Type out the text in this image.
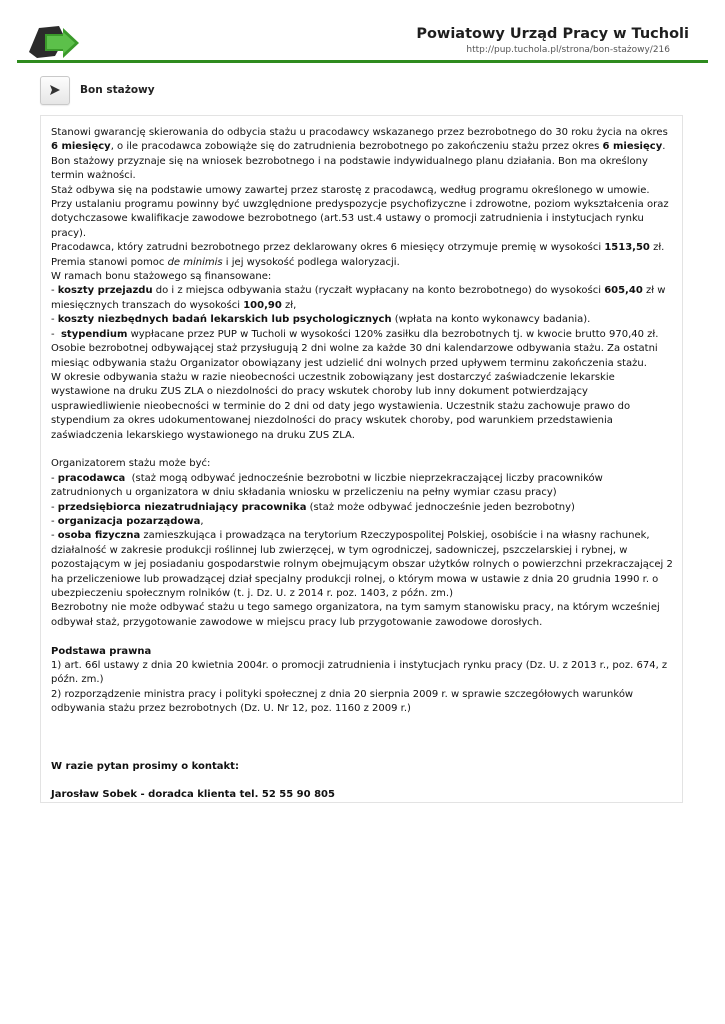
Powiatowy Urząd Pracy w Tucholi
http://pup.tuchola.pl/strona/bon-stażowy/216
Bon stażowy

Stanowi gwarancję skierowania do odbycia stażu u pracodawcy wskazanego przez bezrobotnego do 30 roku życia na okres 6 miesięcy, o ile pracodawca zobowiąże się do zatrudnienia bezrobotnego po zakończeniu stażu przez okres 6 miesięcy.

Bon stażowy przyznaje się na wniosek bezrobotnego i na podstawie indywidualnego planu działania. Bon ma określony termin ważności.

Staż odbywa się na podstawie umowy zawartej przez starostę z pracodawcą, według programu określonego w umowie. Przy ustalaniu programu powinny być uwzględnione predyspozycje psychofizyczne i zdrowotne, poziom wykształcenia oraz dotychczasowe kwalifikacje zawodowe bezrobotnego (art.53 ust.4 ustawy o promocji zatrudnienia i instytucjach rynku pracy).

Pracodawca, który zatrudni bezrobotnego przez deklarowany okres 6 miesięcy otrzymuje premię w wysokości 1513,50 zł.

Premia stanowi pomoc de minimis i jej wysokość podlega waloryzacji.

W ramach bonu stażowego są finansowane:

- koszty przejazdu do i z miejsca odbywania stażu (ryczałt wypłacany na konto bezrobotnego) do wysokości 605,40 zł w miesięcznych transzach do wysokości 100,90 zł,

- koszty niezbędnych badań lekarskich lub psychologicznych (wpłata na konto wykonawcy badania).

-  stypendium wypłacane przez PUP w Tucholi w wysokości 120% zasiłku dla bezrobotnych tj. w kwocie brutto 970,40 zł.

Osobie bezrobotnej odbywającej staż przysługują 2 dni wolne za każde 30 dni kalendarzowe odbywania stażu. Za ostatni miesiąc odbywania stażu Organizator obowiązany jest udzielić dni wolnych przed upływem terminu zakończenia stażu.

W okresie odbywania stażu w razie nieobecności uczestnik zobowiązany jest dostarczyć zaświadczenie lekarskie wystawione na druku ZUS ZLA o niezdolności do pracy wskutek choroby lub inny dokument potwierdzający usprawiedliwienie nieobecności w terminie do 2 dni od daty jego wystawienia. Uczestnik stażu zachowuje prawo do stypendium za okres udokumentowanej niezdolności do pracy wskutek choroby, pod warunkiem przedstawienia zaświadczenia lekarskiego wystawionego na druku ZUS ZLA.

Organizatorem stażu może być:

- pracodawca  (staż mogą odbywać jednocześnie bezrobotni w liczbie nieprzekraczającej liczby pracowników zatrudnionych u organizatora w dniu składania wniosku w przeliczeniu na pełny wymiar czasu pracy)

- przedsiębiorca niezatrudniający pracownika (staż może odbywać jednocześnie jeden bezrobotny)

- organizacja pozarządowa,

- osoba fizyczna zamieszkująca i prowadząca na terytorium Rzeczypospolitej Polskiej, osobiście i na własny rachunek, działalność w zakresie produkcji roślinnej lub zwierzęcej, w tym ogrodniczej, sadowniczej, pszczelarskiej i rybnej, w pozostającym w jej posiadaniu gospodarstwie rolnym obejmującym obszar użytków rolnych o powierzchni przekraczającej 2 ha przeliczeniowe lub prowadzącej dział specjalny produkcji rolnej, o którym mowa w ustawie z dnia 20 grudnia 1990 r. o ubezpieczeniu społecznym rolników (t. j. Dz. U. z 2014 r. poz. 1403, z późn. zm.)

Bezrobotny nie może odbywać stażu u tego samego organizatora, na tym samym stanowisku pracy, na którym wcześniej odbywał staż, przygotowanie zawodowe w miejscu pracy lub przygotowanie zawodowe dorosłych.

Podstawa prawna

1) art. 66l ustawy z dnia 20 kwietnia 2004r. o promocji zatrudnienia i instytucjach rynku pracy (Dz. U. z 2013 r., poz. 674, z późn. zm.)

2) rozporządzenie ministra pracy i polityki społecznej z dnia 20 sierpnia 2009 r. w sprawie szczegółowych warunków odbywania stażu przez bezrobotnych (Dz. U. Nr 12, poz. 1160 z 2009 r.)

W razie pytan prosimy o kontakt:

Jarosław Sobek - doradca klienta tel. 52 55 90 805
